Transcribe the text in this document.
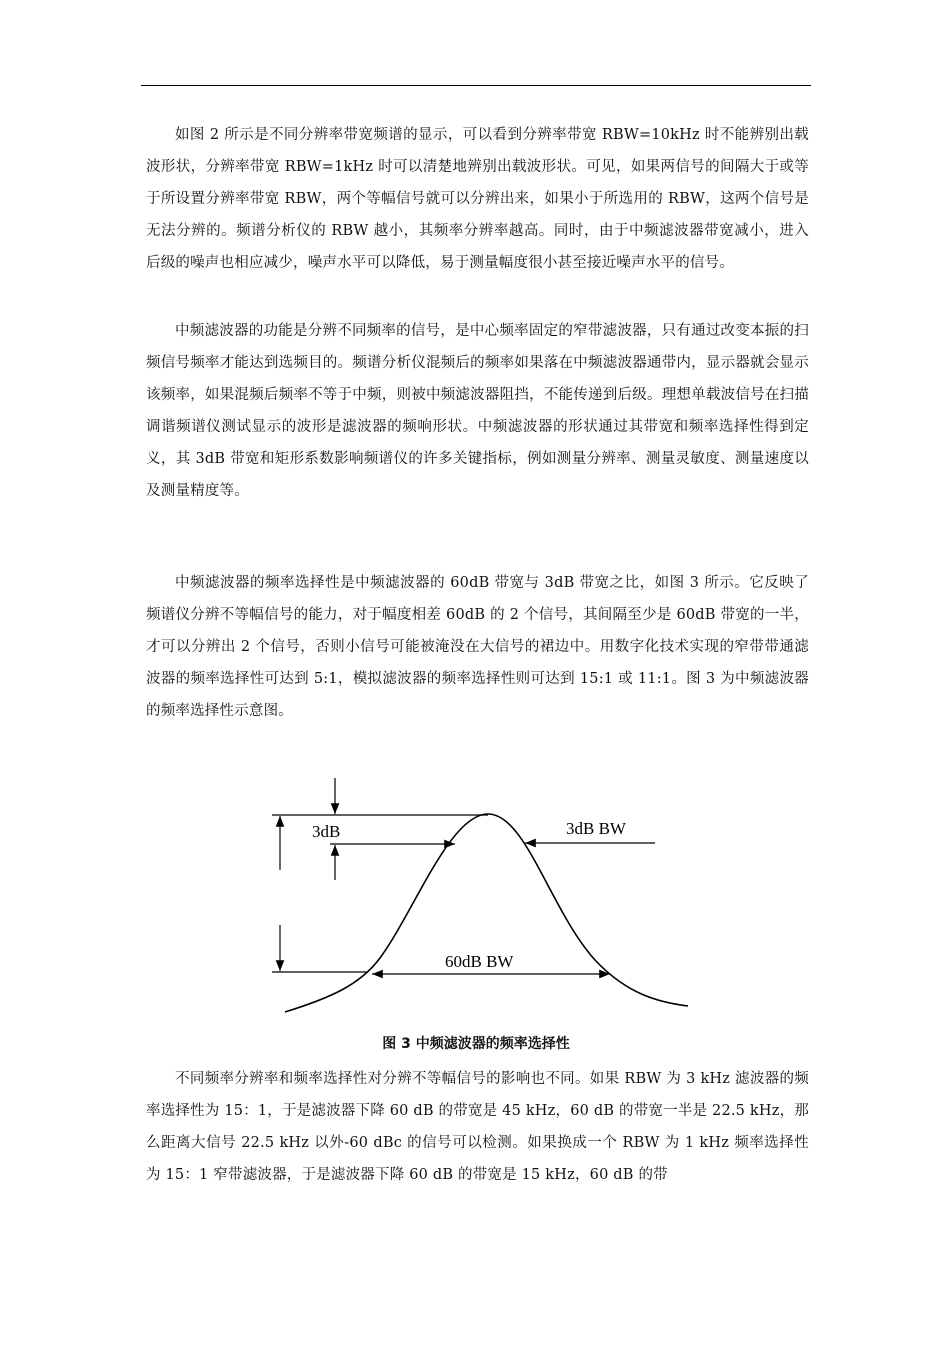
如图 2 所示是不同分辨率带宽频谱的显示，可以看到分辨率带宽 RBW=10kHz 时不能辨别出载波形状，分辨率带宽 RBW=1kHz 时可以清楚地辨别出载波形状。可见，如果两信号的间隔大于或等于所设置分辨率带宽 RBW，两个等幅信号就可以分辨出来，如果小于所选用的 RBW，这两个信号是无法分辨的。频谱分析仪的 RBW 越小，其频率分辨率越高。同时，由于中频滤波器带宽减小，进入后级的噪声也相应减少，噪声水平可以降低，易于测量幅度很小甚至接近噪声水平的信号。

中频滤波器的功能是分辨不同频率的信号，是中心频率固定的窄带滤波器，只有通过改变本振的扫频信号频率才能达到选频目的。频谱分析仪混频后的频率如果落在中频滤波器通带内，显示器就会显示该频率，如果混频后频率不等于中频，则被中频滤波器阻挡，不能传递到后级。理想单载波信号在扫描调谐频谱仪测试显示的波形是滤波器的频响形状。中频滤波器的形状通过其带宽和频率选择性得到定义，其 3dB 带宽和矩形系数影响频谱仪的许多关键指标，例如测量分辨率、测量灵敏度、测量速度以及测量精度等。

中频滤波器的频率选择性是中频滤波器的 60dB 带宽与 3dB 带宽之比，如图 3 所示。它反映了频谱仪分辨不等幅信号的能力，对于幅度相差 60dB 的 2 个信号，其间隔至少是 60dB 带宽的一半，才可以分辨出 2 个信号，否则小信号可能被淹没在大信号的裙边中。用数字化技术实现的窄带带通滤波器的频率选择性可达到 5:1，模拟滤波器的频率选择性则可达到 15:1 或 11:1。图 3 为中频滤波器的频率选择性示意图。

3dB	3dB BW
60dB BW

图 3 中频滤波器的频率选择性

不同频率分辨率和频率选择性对分辨不等幅信号的影响也不同。如果 RBW 为 3 kHz 滤波器的频率选择性为 15：1，于是滤波器下降 60 dB 的带宽是 45 kHz，60 dB 的带宽一半是 22.5 kHz，那么距离大信号 22.5 kHz 以外-60 dBc 的信号可以检测。如果换成一个 RBW 为 1 kHz 频率选择性为 15：1 窄带滤波器，于是滤波器下降 60 dB 的带宽是 15 kHz，60 dB 的带
